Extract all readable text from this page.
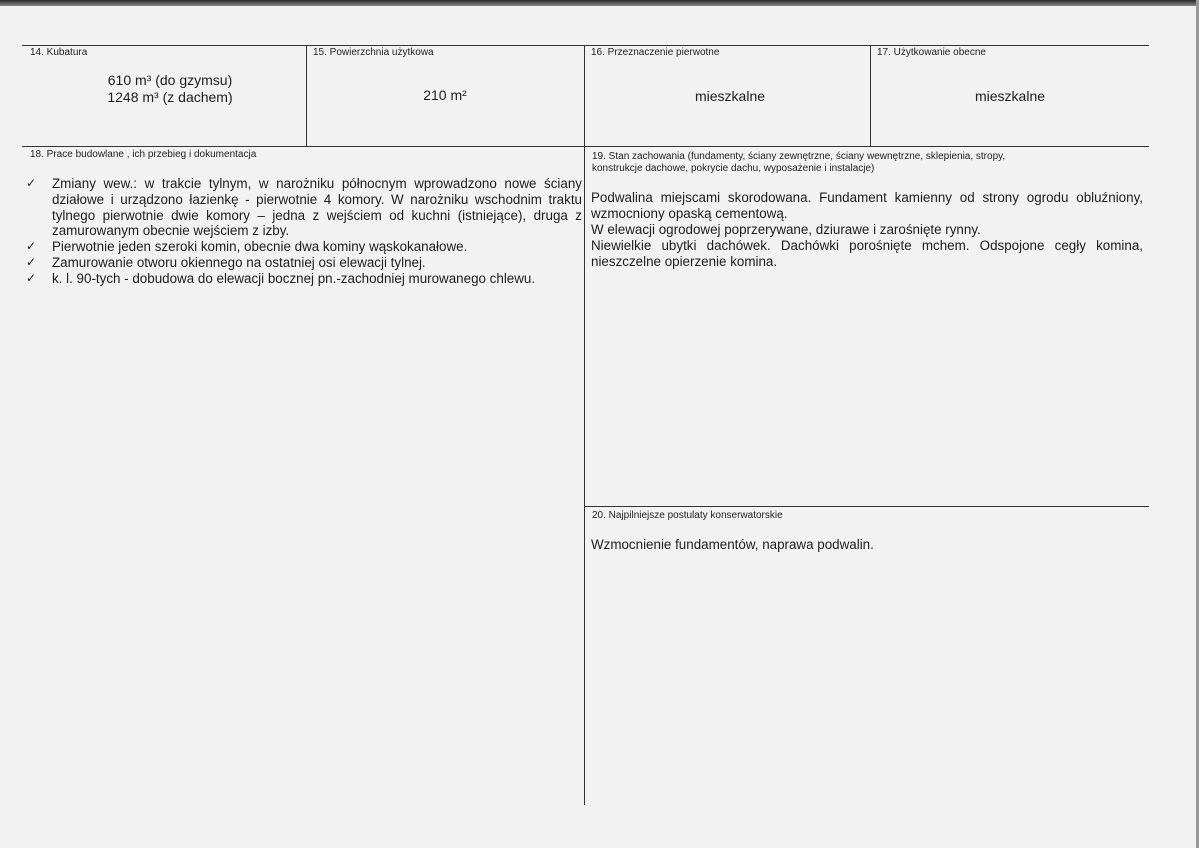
14. Kubatura
610 m³ (do gzymsu)
1248 m³ (z dachem)
15. Powierzchnia użytkowa
210 m²
16. Przeznaczenie pierwotne
mieszkalne
17. Użytkowanie obecne
mieszkalne
18. Prace budowlane , ich przebieg i dokumentacja
✓ Zmiany wew.: w trakcie tylnym, w narożniku północnym wprowadzono nowe ściany działowe i urządzono łazienkę - pierwotnie 4 komory. W narożniku wschodnim traktu tylnego pierwotnie dwie komory – jedna z wejściem od kuchni (istniejące), druga z zamurowanym obecnie wejściem z izby.
✓ Pierwotnie jeden szeroki komin, obecnie dwa kominy wąskokanałowe.
✓ Zamurowanie otworu okiennego na ostatniej osi elewacji tylnej.
✓ k. l. 90-tych - dobudowa do elewacji bocznej pn.-zachodniej murowanego chlewu.
19. Stan zachowania (fundamenty, ściany zewnętrzne, ściany wewnętrzne, sklepienia, stropy,
konstrukcje dachowe, pokrycie dachu, wyposażenie i instalacje)

Podwalina miejscami skorodowana. Fundament kamienny od strony ogrodu obluźniony, wzmocniony opaską cementową.

W elewacji ogrodowej poprzerywane, dziurawe i zarośnięte rynny.

Niewielkie ubytki dachówek. Dachówki porośnięte mchem. Odspojone cegły komina, nieszczelne opierzenie komina.

20. Najpilniejsze postulaty konserwatorskie
Wzmocnienie fundamentów, naprawa podwalin.
